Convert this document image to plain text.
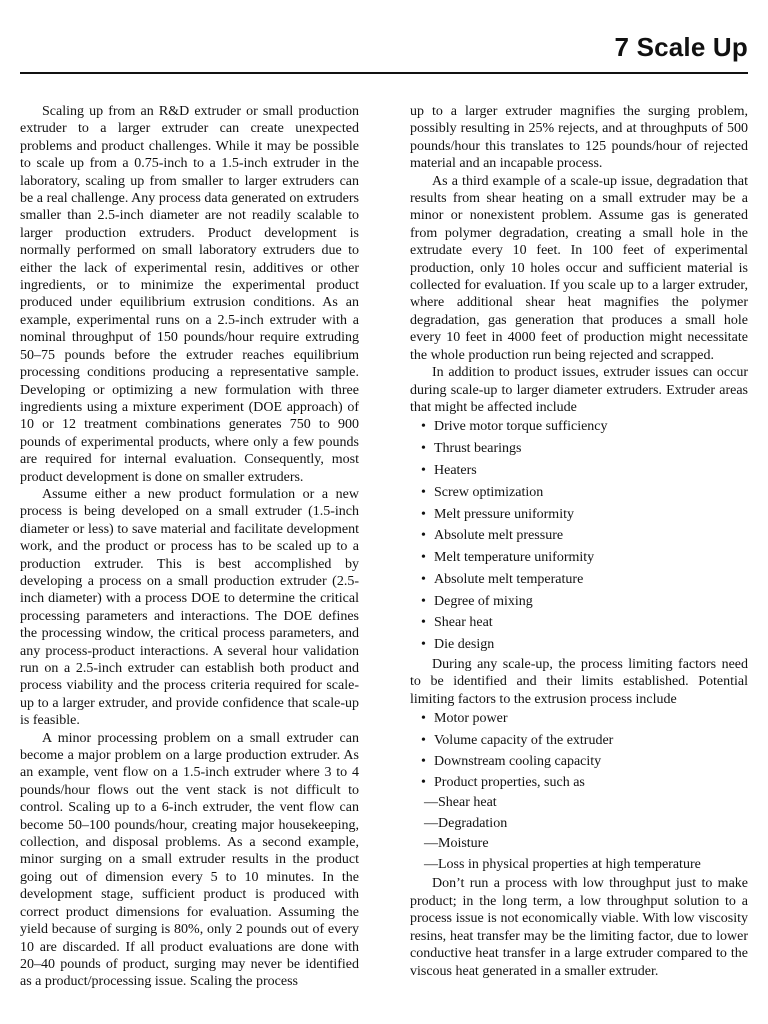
7 Scale Up

Scaling up from an R&D extruder or small production extruder to a larger extruder can create unexpected problems and product challenges. While it may be possible to scale up from a 0.75-inch to a 1.5-inch extruder in the laboratory, scaling up from smaller to larger extruders can be a real challenge. Any process data generated on extruders smaller than 2.5-inch diameter are not readily scalable to larger production extruders. Product development is normally performed on small laboratory extruders due to either the lack of experimental resin, additives or other ingredients, or to minimize the experimental product produced under equilibrium extrusion conditions. As an example, experimental runs on a 2.5-inch extruder with a nominal throughput of 150 pounds/hour require extruding 50–75 pounds before the extruder reaches equilibrium processing conditions producing a representative sample. Developing or optimizing a new formulation with three ingredients using a mixture experiment (DOE approach) of 10 or 12 treatment combinations generates 750 to 900 pounds of experimental products, where only a few pounds are required for internal evaluation. Consequently, most product development is done on smaller extruders.

Assume either a new product formulation or a new process is being developed on a small extruder (1.5-inch diameter or less) to save material and facilitate development work, and the product or process has to be scaled up to a production extruder. This is best accomplished by developing a process on a small production extruder (2.5-inch diameter) with a process DOE to determine the critical processing parameters and interactions. The DOE defines the processing window, the critical process parameters, and any process-product interactions. A several hour validation run on a 2.5-inch extruder can establish both product and process viability and the process criteria required for scale-up to a larger extruder, and provide confidence that scale-up is feasible.

A minor processing problem on a small extruder can become a major problem on a large production extruder. As an example, vent flow on a 1.5-inch extruder where 3 to 4 pounds/hour flows out the vent stack is not difficult to control. Scaling up to a 6-inch extruder, the vent flow can become 50–100 pounds/hour, creating major housekeeping, collection, and disposal problems. As a second example, minor surging on a small extruder results in the product going out of dimension every 5 to 10 minutes. In the development stage, sufficient product is produced with correct product dimensions for evaluation. Assuming the yield because of surging is 80%, only 2 pounds out of every 10 are discarded. If all product evaluations are done with 20–40 pounds of product, surging may never be identified as a product/processing issue. Scaling the process

up to a larger extruder magnifies the surging problem, possibly resulting in 25% rejects, and at throughputs of 500 pounds/hour this translates to 125 pounds/hour of rejected material and an incapable process.

As a third example of a scale-up issue, degradation that results from shear heating on a small extruder may be a minor or nonexistent problem. Assume gas is generated from polymer degradation, creating a small hole in the extrudate every 10 feet. In 100 feet of experimental production, only 10 holes occur and sufficient material is collected for evaluation. If you scale up to a larger extruder, where additional shear heat magnifies the polymer degradation, gas generation that produces a small hole every 10 feet in 4000 feet of production might necessitate the whole production run being rejected and scrapped.

In addition to product issues, extruder issues can occur during scale-up to larger diameter extruders. Extruder areas that might be affected include

• Drive motor torque sufficiency
• Thrust bearings
• Heaters
• Screw optimization
• Melt pressure uniformity
• Absolute melt pressure
• Melt temperature uniformity
• Absolute melt temperature
• Degree of mixing
• Shear heat
• Die design

During any scale-up, the process limiting factors need to be identified and their limits established. Potential limiting factors to the extrusion process include

• Motor power
• Volume capacity of the extruder
• Downstream cooling capacity
• Product properties, such as
— Shear heat
— Degradation
— Moisture
— Loss in physical properties at high temperature

Don’t run a process with low throughput just to make product; in the long term, a low throughput solution to a process issue is not economically viable. With low viscosity resins, heat transfer may be the limiting factor, due to lower conductive heat transfer in a large extruder compared to the viscous heat generated in a smaller extruder.
